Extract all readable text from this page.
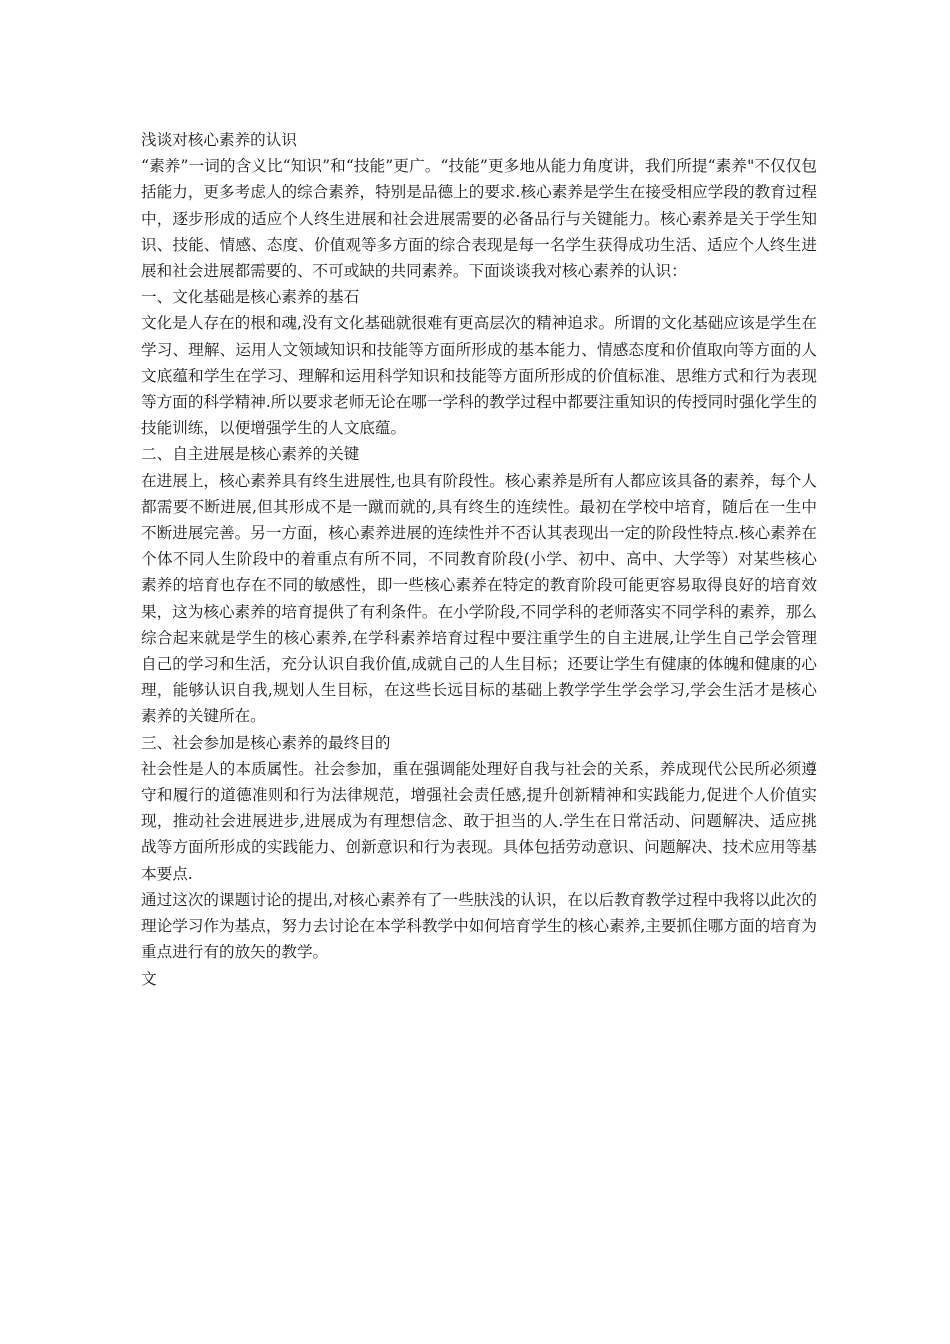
浅谈对核心素养的认识

“素养”一词的含义比“知识”和“技能”更广。“技能”更多地从能力角度讲，我们所提“素养"不仅仅包括能力，更多考虑人的综合素养，特别是品德上的要求.核心素养是学生在接受相应学段的教育过程中，逐步形成的适应个人终生进展和社会进展需要的必备品行与关键能力。核心素养是关于学生知识、技能、情感、态度、价值观等多方面的综合表现是每一名学生获得成功生活、适应个人终生进展和社会进展都需要的、不可或缺的共同素养。下面谈谈我对核心素养的认识：

一、文化基础是核心素养的基石

文化是人存在的根和魂,没有文化基础就很难有更高层次的精神追求。所谓的文化基础应该是学生在学习、理解、运用人文领域知识和技能等方面所形成的基本能力、情感态度和价值取向等方面的人文底蕴和学生在学习、理解和运用科学知识和技能等方面所形成的价值标准、思维方式和行为表现等方面的科学精神.所以要求老师无论在哪一学科的教学过程中都要注重知识的传授同时强化学生的技能训练，以便增强学生的人文底蕴。

二、自主进展是核心素养的关键

在进展上，核心素养具有终生进展性,也具有阶段性。核心素养是所有人都应该具备的素养，每个人都需要不断进展,但其形成不是一蹴而就的,具有终生的连续性。最初在学校中培育，随后在一生中不断进展完善。另一方面，核心素养进展的连续性并不否认其表现出一定的阶段性特点.核心素养在个体不同人生阶段中的着重点有所不同，不同教育阶段(小学、初中、高中、大学等）对某些核心素养的培育也存在不同的敏感性，即一些核心素养在特定的教育阶段可能更容易取得良好的培育效果，这为核心素养的培育提供了有利条件。在小学阶段,不同学科的老师落实不同学科的素养，那么综合起来就是学生的核心素养,在学科素养培育过程中要注重学生的自主进展,让学生自己学会管理自己的学习和生活，充分认识自我价值,成就自己的人生目标；还要让学生有健康的体魄和健康的心理，能够认识自我,规划人生目标，在这些长远目标的基础上教学学生学会学习,学会生活才是核心素养的关键所在。

三、社会参加是核心素养的最终目的

社会性是人的本质属性。社会参加，重在强调能处理好自我与社会的关系，养成现代公民所必须遵守和履行的道德准则和行为法律规范，增强社会责任感,提升创新精神和实践能力,促进个人价值实现，推动社会进展进步,进展成为有理想信念、敢于担当的人.学生在日常活动、问题解决、适应挑战等方面所形成的实践能力、创新意识和行为表现。具体包括劳动意识、问题解决、技术应用等基本要点.

通过这次的课题讨论的提出,对核心素养有了一些肤浅的认识，在以后教育教学过程中我将以此次的理论学习作为基点，努力去讨论在本学科教学中如何培育学生的核心素养,主要抓住哪方面的培育为重点进行有的放矢的教学。

文
